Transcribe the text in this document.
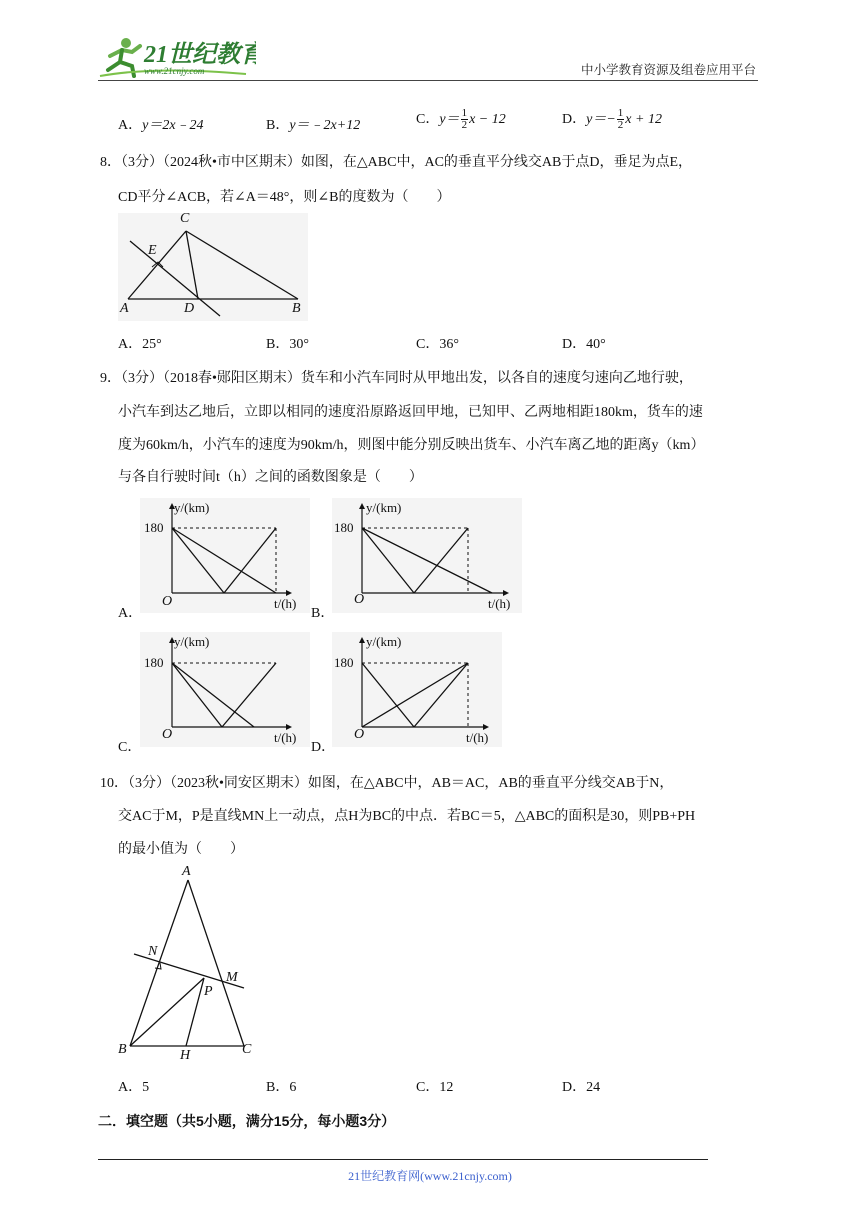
21世纪教育
www.21cnjy.com	中小学教育资源及组卷应用平台
A．y＝2x﹣24	B．y＝﹣2x+12	C．$y= \frac{1}{2}$ x − 12	D．$y=- \frac{1}{2}$ x + 12
8．（3分）（2024秋•市中区期末）如图，在△ABC中，AC的垂直平分线交AB于点D，垂足为点E，
CD平分∠ACB，若∠A＝48°，则∠B的度数为（　　）
C
E
A	D	B
A．25°	B．30°	C．36°	D．40°
9．（3分）（2018春•郧阳区期末）货车和小汽车同时从甲地出发，以各自的速度匀速向乙地行驶，
小汽车到达乙地后，立即以相同的速度沿原路返回甲地，已知甲、乙两地相距180km，货车的速
度为60km/h，小汽车的速度为90km/h，则图中能分别反映出货车、小汽车离乙地的距离y（km）
与各自行驶时间t（h）之间的函数图象是（　　）
y/(km)
180
O	t/(h)
A．
y/(km)
180
O	t/(h)
B．
y/(km)
180
O	t/(h)
C．
y/(km)
180
O	t/(h)
D．
10．（3分）（2023秋•同安区期末）如图，在△ABC中，AB＝AC，AB的垂直平分线交AB于N，
交AC于M，P是直线MN上一动点，点H为BC的中点．若BC＝5，△ABC的面积是30，则PB+PH
的最小值为（　　）
A
N
M
P
B	H	C
A．5	B．6	C．12	D．24
二．填空题（共5小题，满分15分，每小题3分）
21世纪教育网(www.21cnjy.com)
